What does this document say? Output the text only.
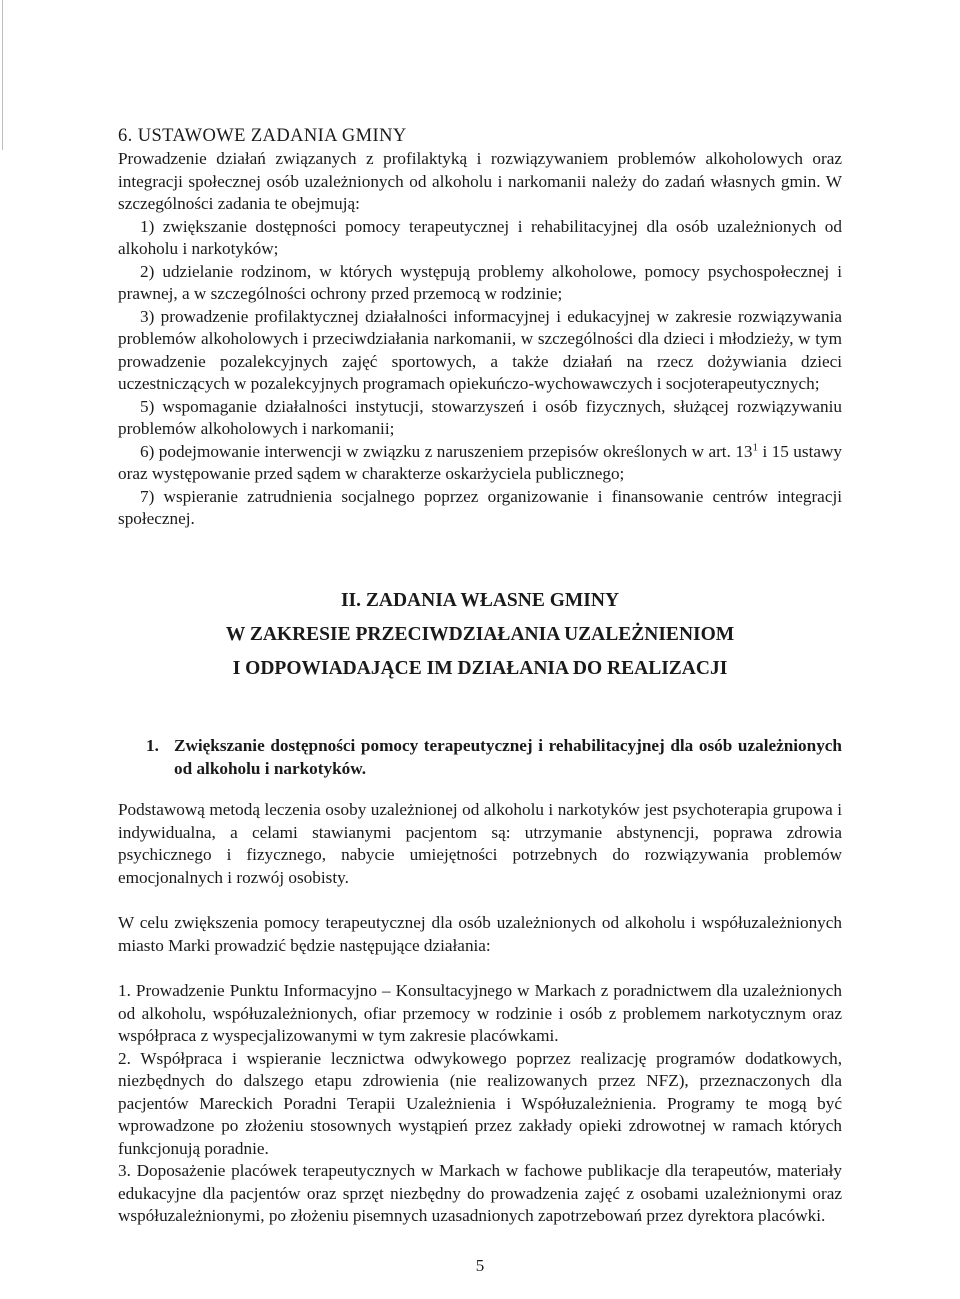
6. USTAWOWE ZADANIA GMINY

Prowadzenie działań związanych z profilaktyką i rozwiązywaniem problemów alkoholowych oraz integracji społecznej osób uzależnionych od alkoholu i narkomanii należy do zadań własnych gmin. W szczególności zadania te obejmują:

1) zwiększanie dostępności pomocy terapeutycznej i rehabilitacyjnej dla osób uzależnionych od alkoholu i narkotyków;

2) udzielanie rodzinom, w których występują problemy alkoholowe, pomocy psychospołecznej i prawnej, a w szczególności ochrony przed przemocą w rodzinie;

3) prowadzenie profilaktycznej działalności informacyjnej i edukacyjnej w zakresie rozwiązywania problemów alkoholowych i przeciwdziałania narkomanii, w szczególności dla dzieci i młodzieży, w tym prowadzenie pozalekcyjnych zajęć sportowych, a także działań na rzecz dożywiania dzieci uczestniczących w pozalekcyjnych programach opiekuńczo-wychowawczych i socjoterapeutycznych;

5) wspomaganie działalności instytucji, stowarzyszeń i osób fizycznych, służącej rozwiązywaniu problemów alkoholowych i narkomanii;

6) podejmowanie interwencji w związku z naruszeniem przepisów określonych w art. $13^1$ i 15 ustawy oraz występowanie przed sądem w charakterze oskarżyciela publicznego;

7) wspieranie zatrudnienia socjalnego poprzez organizowanie i finansowanie centrów integracji społecznej.

II. ZADANIA WŁASNE GMINY

W ZAKRESIE PRZECIWDZIAŁANIA UZALEŻNIENIOM

I ODPOWIADAJĄCE IM DZIAŁANIA DO REALIZACJI

1. Zwiększanie dostępności pomocy terapeutycznej i rehabilitacyjnej dla osób uzależnionych od alkoholu i narkotyków.

Podstawową metodą leczenia osoby uzależnionej od alkoholu i narkotyków jest psychoterapia grupowa i indywidualna, a celami stawianymi pacjentom są: utrzymanie abstynencji, poprawa zdrowia psychicznego i fizycznego, nabycie umiejętności potrzebnych do rozwiązywania problemów emocjonalnych i rozwój osobisty.

W celu zwiększenia pomocy terapeutycznej dla osób uzależnionych od alkoholu i współuzależnionych miasto Marki prowadzić będzie następujące działania:

1. Prowadzenie Punktu Informacyjno – Konsultacyjnego w Markach z poradnictwem dla uzależnionych od alkoholu, współuzależnionych, ofiar przemocy w rodzinie i osób z problemem narkotycznym oraz współpraca z wyspecjalizowanymi w tym zakresie placówkami.

2. Współpraca i wspieranie lecznictwa odwykowego poprzez realizację programów dodatkowych, niezbędnych do dalszego etapu zdrowienia (nie realizowanych przez NFZ), przeznaczonych dla pacjentów Mareckich Poradni Terapii Uzależnienia i Współuzależnienia. Programy te mogą być wprowadzone po złożeniu stosownych wystąpień przez zakłady opieki zdrowotnej w ramach których funkcjonują poradnie.

3. Doposażenie placówek terapeutycznych w Markach w fachowe publikacje dla terapeutów, materiały edukacyjne dla pacjentów oraz sprzęt niezbędny do prowadzenia zajęć z osobami uzależnionymi oraz współuzależnionymi, po złożeniu pisemnych uzasadnionych zapotrzebowań przez dyrektora placówki.

5
